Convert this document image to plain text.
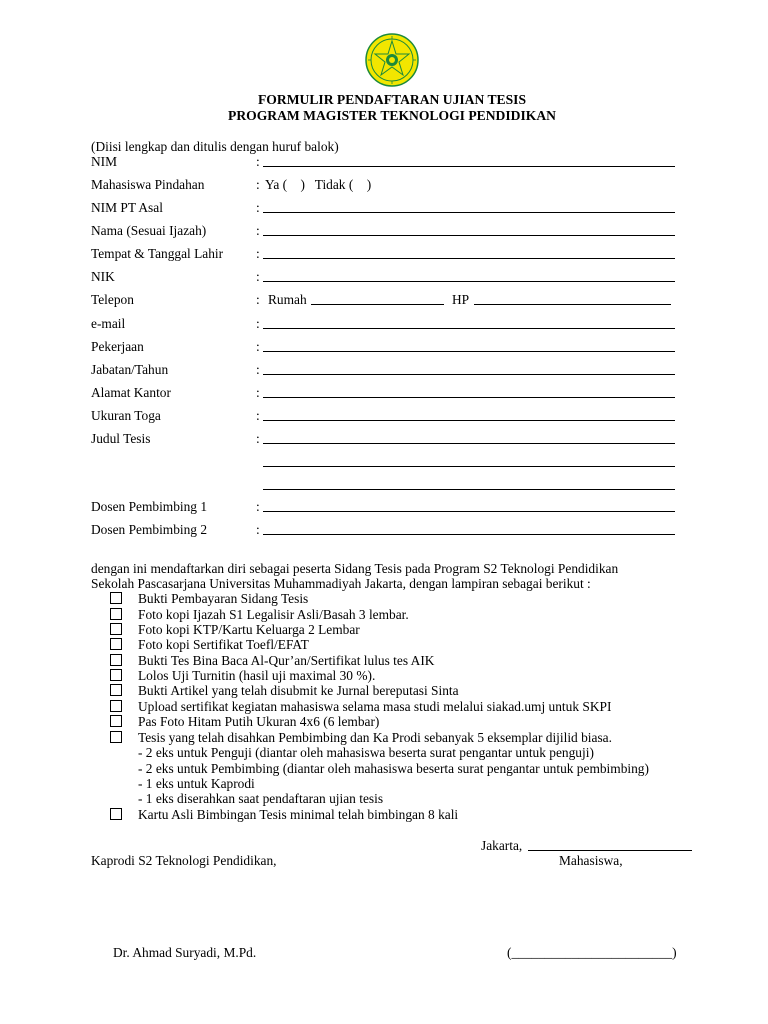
FORMULIR PENDAFTARAN UJIAN TESIS
PROGRAM MAGISTER TEKNOLOGI PENDIDIKAN
(Diisi lengkap dan ditulis dengan huruf balok)
NIM	:
Mahasiswa Pindahan	: Ya (    )   Tidak (    )
NIM PT Asal	:
Nama (Sesuai Ijazah)	:
Tempat & Tanggal Lahir :
NIK	:
Telepon	: Rumah	HP
e-mail	:
Pekerjaan	:
Jabatan/Tahun	:
Alamat Kantor	:
Ukuran Toga	:
Judul Tesis	:
Dosen Pembimbing 1	:
Dosen Pembimbing 2	:
dengan ini mendaftarkan diri sebagai peserta Sidang Tesis pada Program S2 Teknologi Pendidikan
Sekolah Pascasarjana Universitas Muhammadiyah Jakarta, dengan lampiran sebagai berikut :
Bukti Pembayaran Sidang Tesis
Foto kopi Ijazah S1 Legalisir Asli/Basah 3 lembar.
Foto kopi KTP/Kartu Keluarga 2 Lembar
Foto kopi Sertifikat Toefl/EFAT
Bukti Tes Bina Baca Al-Qur’an/Sertifikat lulus tes AIK
Lolos Uji Turnitin (hasil uji maximal 30 %).
Bukti Artikel yang telah disubmit ke Jurnal bereputasi Sinta
Upload sertifikat kegiatan mahasiswa selama masa studi melalui siakad.umj untuk SKPI
Pas Foto Hitam Putih Ukuran 4x6 (6 lembar)
Tesis yang telah disahkan Pembimbing dan Ka Prodi sebanyak 5 eksemplar dijilid biasa.
- 2 eks untuk Penguji (diantar oleh mahasiswa beserta surat pengantar untuk penguji)
- 2 eks untuk Pembimbing (diantar oleh mahasiswa beserta surat pengantar untuk pembimbing)
- 1 eks untuk Kaprodi
- 1 eks diserahkan saat pendaftaran ujian tesis
Kartu Asli Bimbingan Tesis minimal telah bimbingan 8 kali
Jakarta,
Kaprodi S2 Teknologi Pendidikan,	Mahasiswa,
Dr. Ahmad Suryadi, M.Pd.	(________________________)
